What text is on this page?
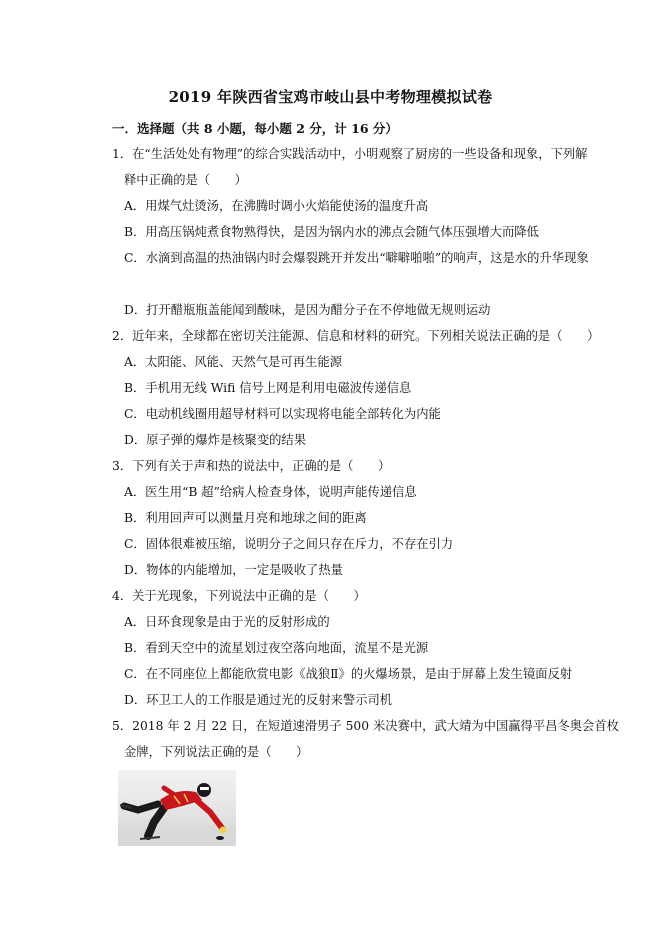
2019 年陕西省宝鸡市岐山县中考物理模拟试卷
一．选择题（共 8 小题，每小题 2 分，计 16 分）
1．在“生活处处有物理”的综合实践活动中，小明观察了厨房的一些设备和现象，下列解
释中正确的是（　　）
A．用煤气灶烫汤，在沸腾时调小火焰能使汤的温度升高
B．用高压锅炖煮食物熟得快，是因为锅内水的沸点会随气体压强增大而降低
C．水滴到高温的热油锅内时会爆裂跳开并发出“噼噼啪啪”的响声，这是水的升华现象
D．打开醋瓶瓶盖能闻到酸味，是因为醋分子在不停地做无规则运动
2．近年来，全球都在密切关注能源、信息和材料的研究。下列相关说法正确的是（　　）
A．太阳能、风能、天然气是可再生能源
B．手机用无线 Wifi 信号上网是利用电磁波传递信息
C．电动机线圈用超导材料可以实现将电能全部转化为内能
D．原子弹的爆炸是核聚变的结果
3．下列有关于声和热的说法中，正确的是（　　）
A．医生用“B 超”给病人检查身体，说明声能传递信息
B．利用回声可以测量月亮和地球之间的距离
C．固体很难被压缩，说明分子之间只存在斥力，不存在引力
D．物体的内能增加，一定是吸收了热量
4．关于光现象，下列说法中正确的是（　　）
A．日环食现象是由于光的反射形成的
B．看到天空中的流星划过夜空落向地面，流星不是光源
C．在不同座位上都能欣赏电影《战狼Ⅱ》的火爆场景，是由于屏幕上发生镜面反射
D．环卫工人的工作服是通过光的反射来警示司机
5．2018 年 2 月 22 日，在短道速滑男子 500 米决赛中，武大靖为中国赢得平昌冬奥会首枚
金牌，下列说法正确的是（　　）
